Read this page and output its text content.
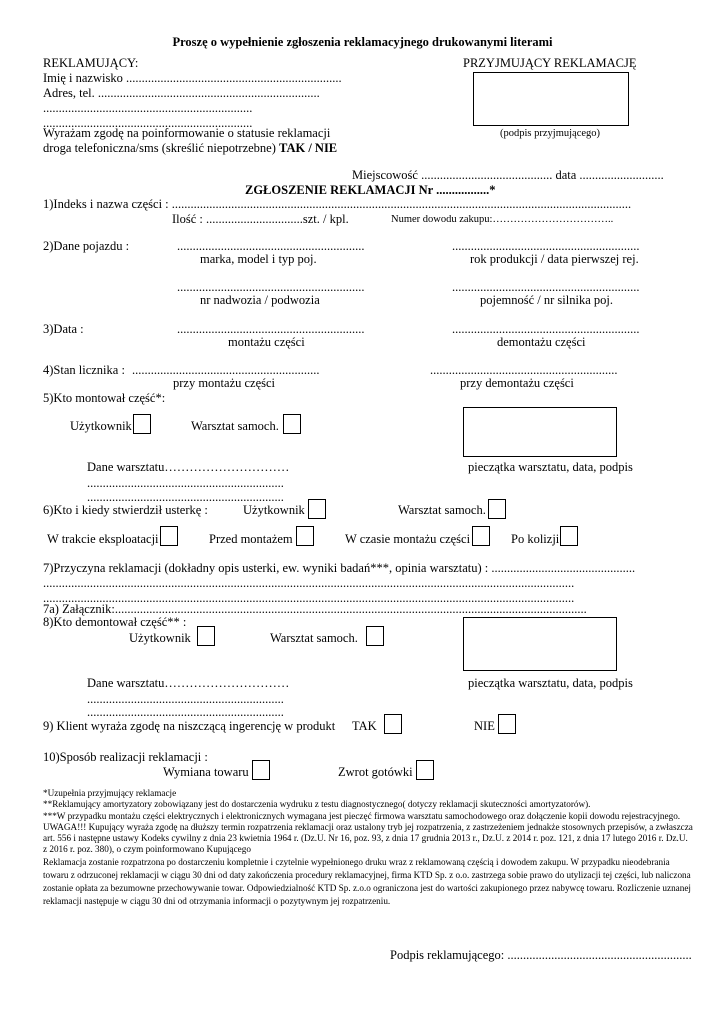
Proszę o wypełnienie zgłoszenia reklamacyjnego drukowanymi literami
REKLAMUJĄCY:
Imię i nazwisko .....................................................................
Adres, tel. .......................................................................
...................................................................
...................................................................
Wyrażam zgodę na poinformowanie o statusie reklamacji
droga telefoniczna/sms (skreślić niepotrzebne) TAK / NIE
PRZYJMUJĄCY REKLAMACJĘ
(podpis przyjmującego)
Miejscowość .......................................... data ...........................
ZGŁOSZENIE REKLAMACJI Nr .................*
1)Indeks i nazwa części : ...................................................................................................................................................
Ilość : ...............................szt. / kpl.	Numer dowodu zakupu:……………………………..
2)Dane pojazdu :	............................................................	............................................................
marka, model i typ poj.	rok produkcji / data pierwszej rej.
............................................................	............................................................
nr nadwozia / podwozia	pojemność / nr silnika poj.
3)Data :	............................................................	............................................................
montażu części	demontażu części
4)Stan licznika : ............................................................	............................................................
przy montażu części	przy demontażu części
5)Kto montował część*:
Użytkownik	Warsztat samoch.
Dane warsztatu…………………………	pieczątka warsztatu, data, podpis
...............................................................
...............................................................
6)Kto i kiedy stwierdził usterkę :	Użytkownik	Warsztat samoch.
W trakcie eksploatacji	Przed montażem	W czasie montażu części	Po kolizji
7)Przyczyna reklamacji (dokładny opis usterki, ew. wyniki badań***, opinia warsztatu) : ..............................................
..........................................................................................................................................................................
..........................................................................................................................................................................
7a) Załącznik:.......................................................................................................................................................
8)Kto demontował część** :
Użytkownik	Warsztat samoch.
Dane warsztatu…………………………	pieczątka warsztatu, data, podpis
...............................................................
...............................................................
9) Klient wyraża zgodę na niszczącą ingerencję w produkt TAK	NIE
10)Sposób realizacji reklamacji :
Wymiana towaru	Zwrot gotówki

*Uzupełnia przyjmujący reklamacje

**Reklamujący amortyzatory zobowiązany jest do dostarczenia wydruku z testu diagnostycznego( dotyczy reklamacji skuteczności amortyzatorów).

***W przypadku montażu części elektrycznych i elektronicznych wymagana jest pieczęć firmowa warsztatu samochodowego oraz dołączenie kopii dowodu rejestracyjnego.

UWAGA!!! Kupujący wyraża zgodę na dłuższy termin rozpatrzenia reklamacji oraz ustalony tryb jej rozpatrzenia, z zastrzeżeniem jednakże stosownych przepisów, a zwłaszcza art. 556 i następne ustawy Kodeks cywilny z dnia 23 kwietnia 1964 r. (Dz.U. Nr 16, poz. 93, z dnia 17 grudnia 2013 r., Dz.U. z 2014 r. poz. 121, z dnia 17 lutego 2016 r. Dz.U. z 2016 r. poz. 380), o czym poinformowano Kupującego

Reklamacja zostanie rozpatrzona po dostarczeniu kompletnie i czytelnie wypełnionego druku wraz z reklamowaną częścią i dowodem zakupu. W przypadku nieodebrania towaru z odrzuconej reklamacji w ciągu 30 dni od daty zakończenia procedury reklamacyjnej, firma KTD Sp. z o.o. zastrzega sobie prawo do utylizacji tej części, lub naliczona zostanie opłata za bezumowne przechowywanie towar. Odpowiedzialność KTD Sp. z.o.o ograniczona jest do wartości zakupionego przez nabywcę towaru. Rozliczenie uznanej reklamacji następuje w ciągu 30 dni od otrzymania informacji o pozytywnym jej rozpatrzeniu.

Podpis reklamującego: ...........................................................
